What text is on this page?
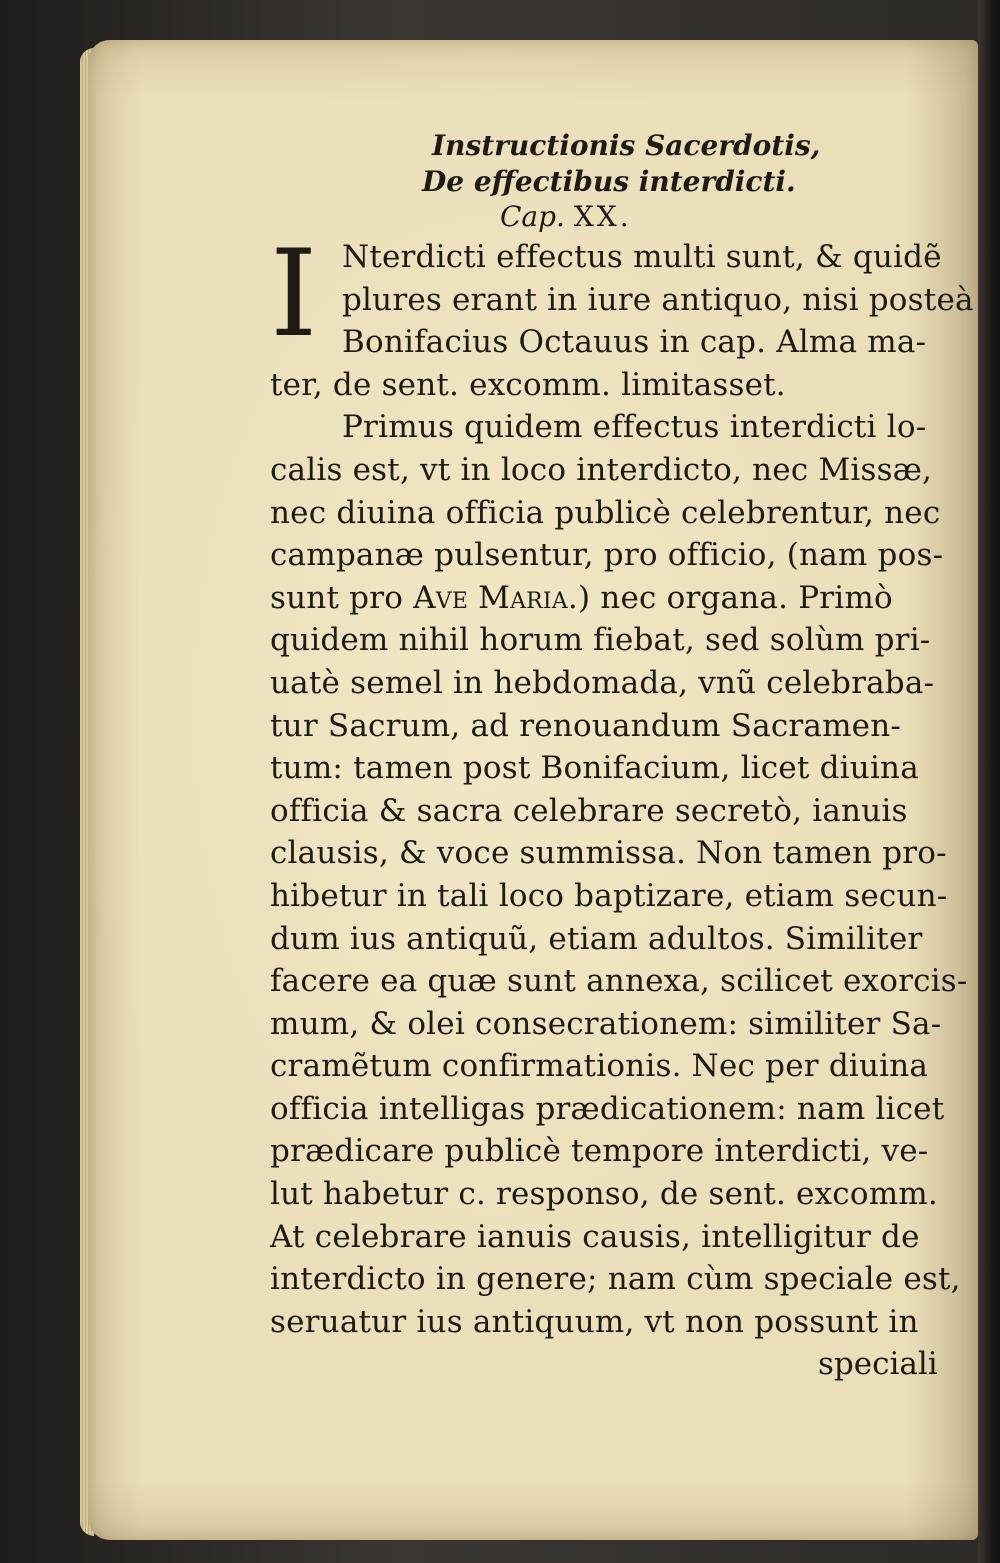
Instructionis Sacerdotis,
De effectibus interdicti.
Cap. XX.
I Nterdicti effectus multi sunt, & quidẽ
plures erant in iure antiquo, nisi posteà
Bonifacius Octauus in cap. Alma ma-
ter, de sent. excomm. limitasset.
Primus quidem effectus interdicti lo-
calis est, vt in loco interdicto, nec Missæ,
nec diuina officia publicè celebrentur, nec
campanæ pulsentur, pro officio, (nam pos-
sunt pro Ave Maria.) nec organa. Primò
quidem nihil horum fiebat, sed solùm pri-
uatè semel in hebdomada, vnũ celebraba-
tur Sacrum, ad renouandum Sacramen-
tum: tamen post Bonifacium, licet diuina
officia & sacra celebrare secretò, ianuis
clausis, & voce summissa. Non tamen pro-
hibetur in tali loco baptizare, etiam secun-
dum ius antiquũ, etiam adultos. Similiter
facere ea quæ sunt annexa, scilicet exorcis-
mum, & olei consecrationem: similiter Sa-
cramẽtum confirmationis. Nec per diuina
officia intelligas prædicationem: nam licet
prædicare publicè tempore interdicti, ve-
lut habetur c. responso, de sent. excomm.
At celebrare ianuis causis, intelligitur de
interdicto in genere; nam cùm speciale est,
seruatur ius antiquum, vt non possunt in
speciali
